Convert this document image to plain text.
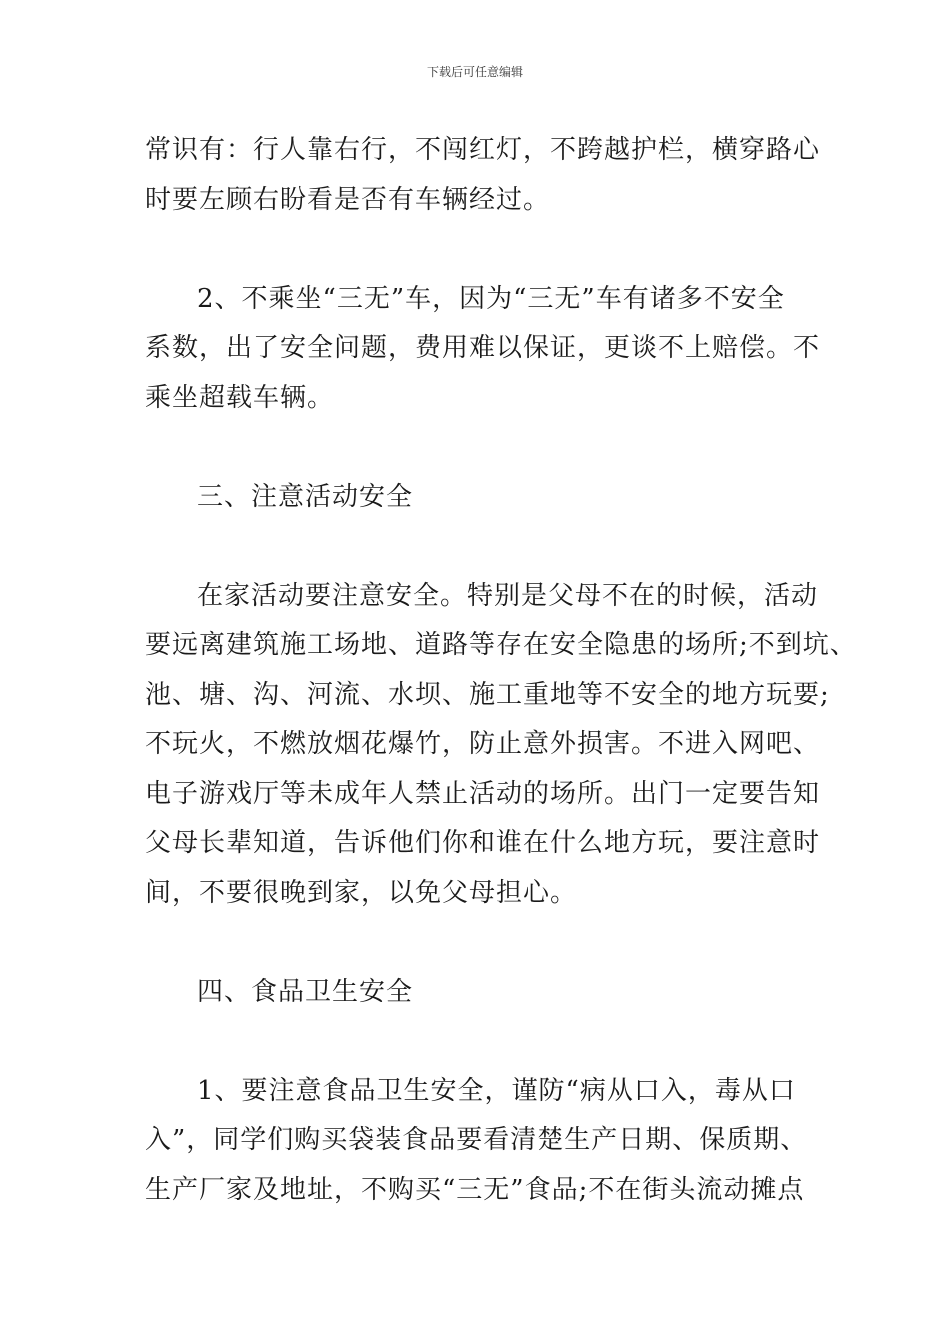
下载后可任意编辑

常识有：行人靠右行，不闯红灯，不跨越护栏，横穿路心
时要左顾右盼看是否有车辆经过。

2、不乘坐“三无”车，因为“三无”车有诸多不安全
系数，出了安全问题，费用难以保证，更谈不上赔偿。不
乘坐超载车辆。

三、注意活动安全

在家活动要注意安全。特别是父母不在的时候，活动
要远离建筑施工场地、道路等存在安全隐患的场所;不到坑、
池、塘、沟、河流、水坝、施工重地等不安全的地方玩要;
不玩火，不燃放烟花爆竹，防止意外损害。不进入网吧、
电子游戏厅等未成年人禁止活动的场所。出门一定要告知
父母长辈知道，告诉他们你和谁在什么地方玩，要注意时
间，不要很晚到家，以免父母担心。

四、食品卫生安全

1、要注意食品卫生安全，谨防“病从口入，毒从口
入”，同学们购买袋装食品要看清楚生产日期、保质期、
生产厂家及地址，不购买“三无”食品;不在街头流动摊点
